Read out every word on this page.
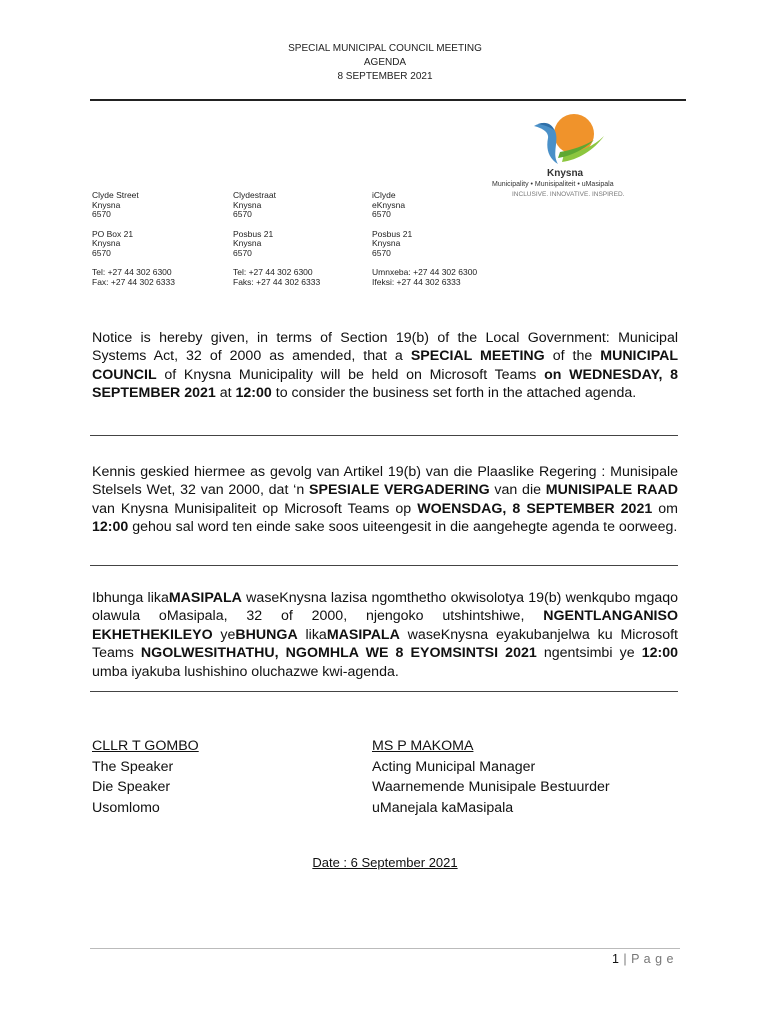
SPECIAL MUNICIPAL COUNCIL MEETING
AGENDA
8 SEPTEMBER 2021
Knysna
Municipality • Munisipaliteit • uMasipala
INCLUSIVE. INNOVATIVE. INSPIRED.
Clyde Street
Knysna
6570
PO Box 21
Knysna
6570
Tel: +27 44 302 6300
Fax: +27 44 302 6333
Clydestraat
Knysna
6570
Posbus 21
Knysna
6570
Tel: +27 44 302 6300
Faks: +27 44 302 6333
iClyde
eKnysna
6570
Posbus 21
Knysna
6570
Umnxeba: +27 44 302 6300
Ifeksi: +27 44 302 6333
Notice is hereby given, in terms of Section 19(b) of the Local Government: Municipal Systems Act, 32 of 2000 as amended, that a SPECIAL MEETING of the MUNICIPAL COUNCIL of Knysna Municipality will be held on Microsoft Teams on WEDNESDAY, 8 SEPTEMBER 2021 at 12:00 to consider the business set forth in the attached agenda.
Kennis geskied hiermee as gevolg van Artikel 19(b) van die Plaaslike Regering : Munisipale Stelsels Wet, 32 van 2000, dat ‘n SPESIALE VERGADERING van die MUNISIPALE RAAD van Knysna Munisipaliteit op Microsoft Teams op WOENSDAG, 8 SEPTEMBER 2021 om 12:00 gehou sal word ten einde sake soos uiteengesit in die aangehegte agenda te oorweeg.
Ibhunga likaMASIPALA waseKnysna lazisa ngomthetho okwisolotya 19(b) wenkqubo mgaqo olawula oMasipala, 32 of 2000, njengoko utshintshiwe, NGENTLANGANISO EKHETHEKILEYO yeBHUNGA likaMASIPALA waseKnysna eyakubanjelwa ku Microsoft Teams NGOLWESITHATHU, NGOMHLA WE 8 EYOMSINTSI 2021 ngentsimbi ye 12:00 umba iyakuba lushishino oluchazwe kwi-agenda.
CLLR T GOMBO
The Speaker
Die Speaker
Usomlomo
MS P MAKOMA
Acting Municipal Manager
Waarnemende Munisipale Bestuurder
uManejala kaMasipala
Date : 6 September 2021
1 | P a g e
